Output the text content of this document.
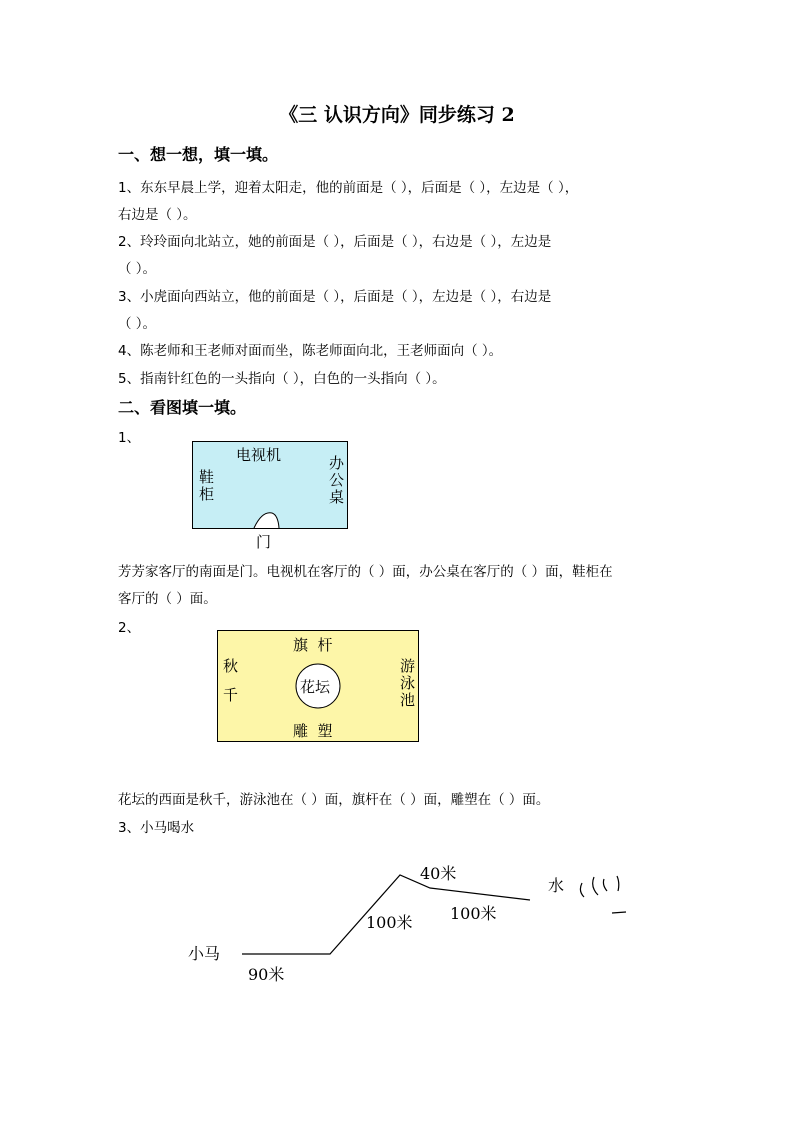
《三 认识方向》同步练习 2
一、想一想，填一填。
1、东东早晨上学，迎着太阳走，他的前面是（ ），后面是（ ），左边是（ ），
右边是（ ）。
2、玲玲面向北站立，她的前面是（ ），后面是（ ），右边是（ ），左边是
（ ）。
3、小虎面向西站立，他的前面是（ ），后面是（ ），左边是（ ），右边是
（ ）。
4、陈老师和王老师对面而坐，陈老师面向北，王老师面向（ ）。
5、指南针红色的一头指向（ ），白色的一头指向（ ）。
二、看图填一填。
1、
电视机	办公桌
鞋柜
门
芳芳家客厅的南面是门。电视机在客厅的（ ）面，办公桌在客厅的（ ）面，鞋柜在
客厅的（ ）面。
2、
旗  杆
秋千	游泳池
花坛
雕  塑
花坛的西面是秋千，游泳池在（ ）面，旗杆在（ ）面，雕塑在（ ）面。
3、小马喝水
小马
90米
100米
40米
100米
水
